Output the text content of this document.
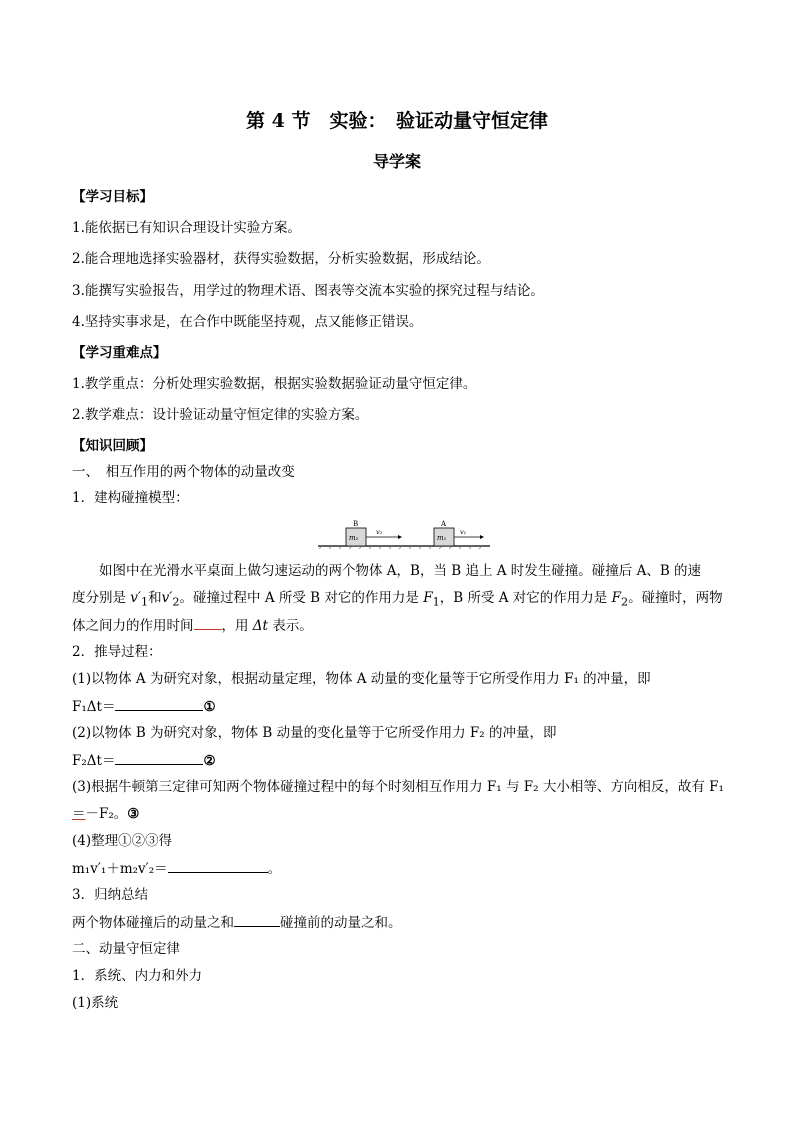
第 4 节　实验：　验证动量守恒定律
导学案
【学习目标】
1.能依据已有知识合理设计实验方案。
2.能合理地选择实验器材，获得实验数据，分析实验数据，形成结论。
3.能撰写实验报告，用学过的物理术语、图表等交流本实验的探究过程与结论。
4.坚持实事求是，在合作中既能坚持观，点又能修正错误。
【学习重难点】
1.教学重点：分析处理实验数据，根据实验数据验证动量守恒定律。
2.教学难点：设计验证动量守恒定律的实验方案。
【知识回顾】
一、　相互作用的两个物体的动量改变
1．建构碰撞模型：
B
m₂
v₂
A
m₁
v₁
如图中在光滑水平桌面上做匀速运动的两个物体 A，B，当 B 追上 A 时发生碰撞。碰撞后 A、B 的速
度分别是 $v'_1$和$v'_2$。碰撞过程中 A 所受 B 对它的作用力是 $F_1$，B 所受 A 对它的作用力是 $F_2$。碰撞时，两物
体之间力的作用时间 ，用 Δt 表示。
2．推导过程：
(1)以物体 A 为研究对象，根据动量定理，物体 A 动量的变化量等于它所受作用力 F₁ 的冲量，即
F₁Δt＝	①
(2)以物体 B 为研究对象，物体 B 动量的变化量等于它所受作用力 F₂ 的冲量，即
F₂Δt＝	②
(3)根据牛顿第三定律可知两个物体碰撞过程中的每个时刻相互作用力 F₁ 与 F₂ 大小相等、方向相反，故有 F₁
＝－F₂。③
(4)整理①②③得
m₁v′₁＋m₂v′₂＝	。
3．归纳总结
两个物体碰撞后的动量之和	碰撞前的动量之和。
二、动量守恒定律
1．系统、内力和外力
(1)系统
